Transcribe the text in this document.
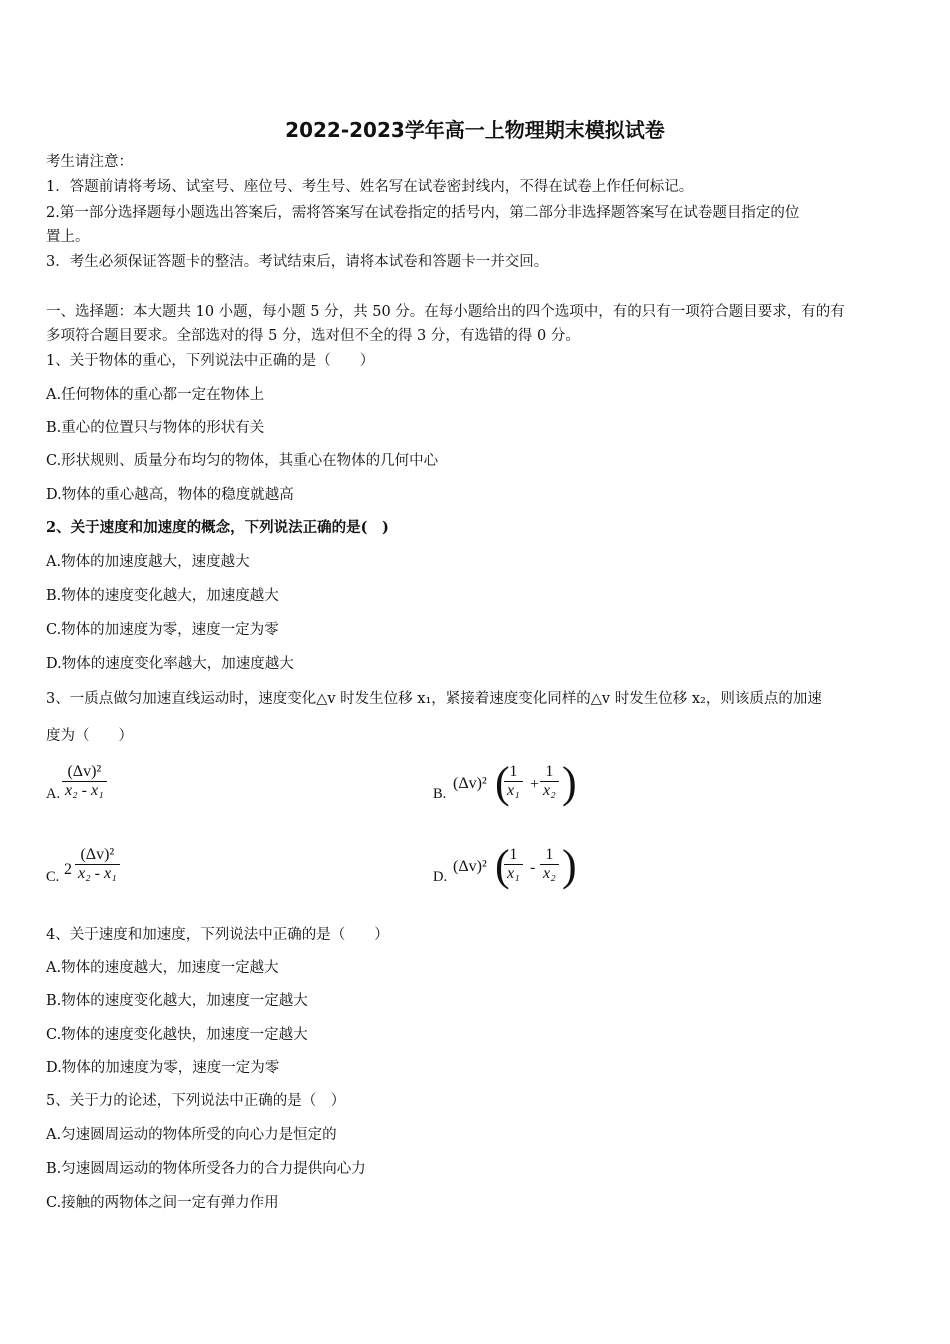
2022-2023学年高一上物理期末模拟试卷
考生请注意：
1．答题前请将考场、试室号、座位号、考生号、姓名写在试卷密封线内，不得在试卷上作任何标记。
2.第一部分选择题每小题选出答案后，需将答案写在试卷指定的括号内，第二部分非选择题答案写在试卷题目指定的位
置上。
3．考生必须保证答题卡的整洁。考试结束后，请将本试卷和答题卡一并交回。
一、选择题：本大题共 10 小题，每小题 5 分，共 50 分。在每小题给出的四个选项中，有的只有一项符合题目要求，有的有
多项符合题目要求。全部选对的得 5 分，选对但不全的得 3 分，有选错的得 0 分。
1、关于物体的重心，下列说法中正确的是（　　）
A.任何物体的重心都一定在物体上
B.重心的位置只与物体的形状有关
C.形状规则、质量分布均匀的物体，其重心在物体的几何中心
D.物体的重心越高，物体的稳度就越高
2、关于速度和加速度的概念，下列说法正确的是(　)
A.物体的加速度越大，速度越大
B.物体的速度变化越大，加速度越大
C.物体的加速度为零，速度一定为零
D.物体的速度变化率越大，加速度越大
3、一质点做匀加速直线运动时，速度变化△v 时发生位移 x₁，紧接着速度变化同样的△v 时发生位移 x₂，则该质点的加速
度为（　　）
A. $\frac{\text{(Δv)²}}{\text{x₂ - x₁}}$	B.
(Δv)² (
$\frac{1}{\text{x₁}} + \frac{1}{\text{x₂}}$ )
C. $2 \frac{\text{(Δv)²}}{\text{x₂ - x₁}}$	D.
(Δv)² (
$\frac{1}{\text{x₁}} - \frac{1}{\text{x₂}}$ )
4、关于速度和加速度，下列说法中正确的是（　　）
A.物体的速度越大，加速度一定越大
B.物体的速度变化越大，加速度一定越大
C.物体的速度变化越快，加速度一定越大
D.物体的加速度为零，速度一定为零
5、关于力的论述，下列说法中正确的是（　）
A.匀速圆周运动的物体所受的向心力是恒定的
B.匀速圆周运动的物体所受各力的合力提供向心力
C.接触的两物体之间一定有弹力作用
